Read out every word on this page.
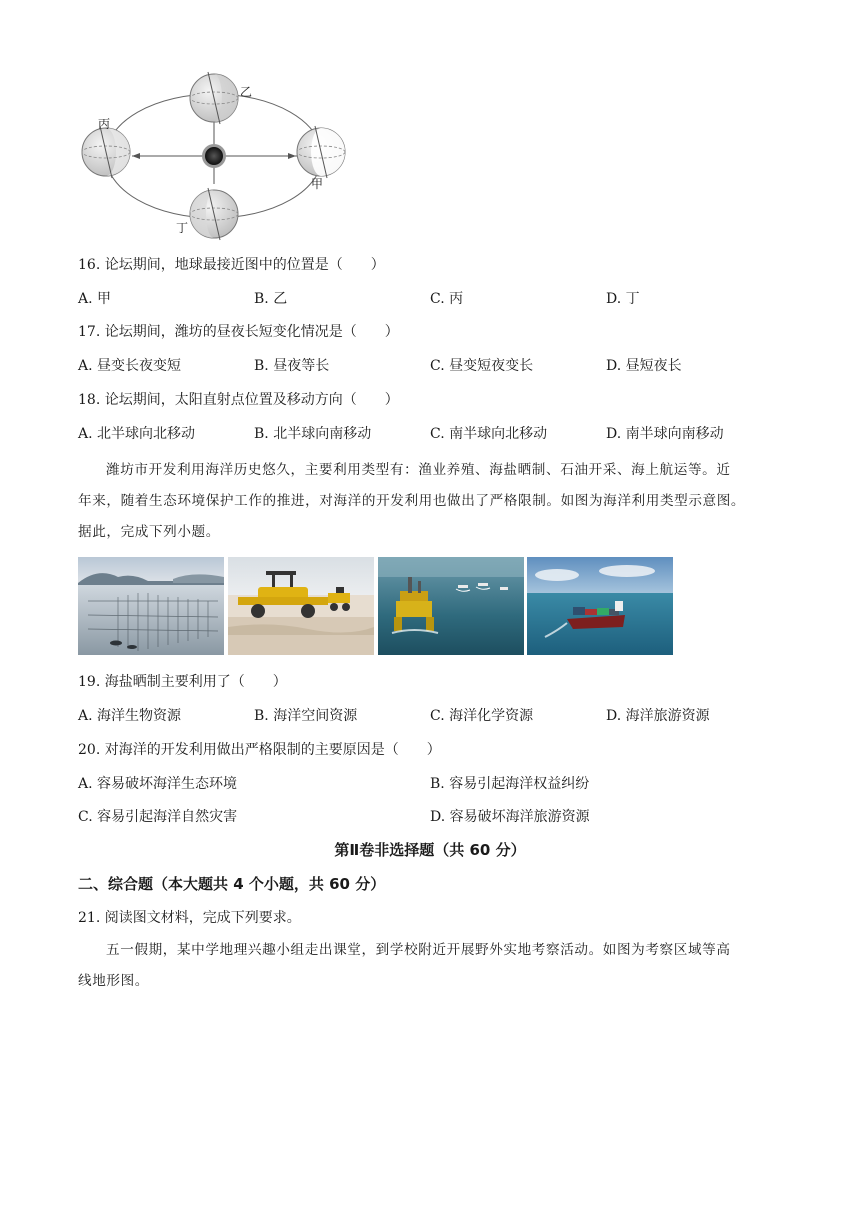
乙
丙
甲
丁
16. 论坛期间，地球最接近图中的位置是（　　）
A. 甲	B. 乙	C. 丙	D. 丁
17. 论坛期间，潍坊的昼夜长短变化情况是（　　）
A. 昼变长夜变短	B. 昼夜等长	C. 昼变短夜变长	D. 昼短夜长
18. 论坛期间，太阳直射点位置及移动方向（　　）
A. 北半球向北移动	B. 北半球向南移动	C. 南半球向北移动	D. 南半球向南移动
潍坊市开发利用海洋历史悠久，主要利用类型有：渔业养殖、海盐晒制、石油开采、海上航运等。近
年来，随着生态环境保护工作的推进，对海洋的开发利用也做出了严格限制。如图为海洋利用类型示意图。
据此，完成下列小题。
19. 海盐晒制主要利用了（　　）
A. 海洋生物资源	B. 海洋空间资源	C. 海洋化学资源	D. 海洋旅游资源
20. 对海洋的开发利用做出严格限制的主要原因是（　　）
A. 容易破坏海洋生态环境	B. 容易引起海洋权益纠纷
C. 容易引起海洋自然灾害	D. 容易破坏海洋旅游资源
第Ⅱ卷非选择题（共 60 分）
二、综合题（本大题共 4 个小题，共 60 分）
21. 阅读图文材料，完成下列要求。
五一假期，某中学地理兴趣小组走出课堂，到学校附近开展野外实地考察活动。如图为考察区域等高
线地形图。
